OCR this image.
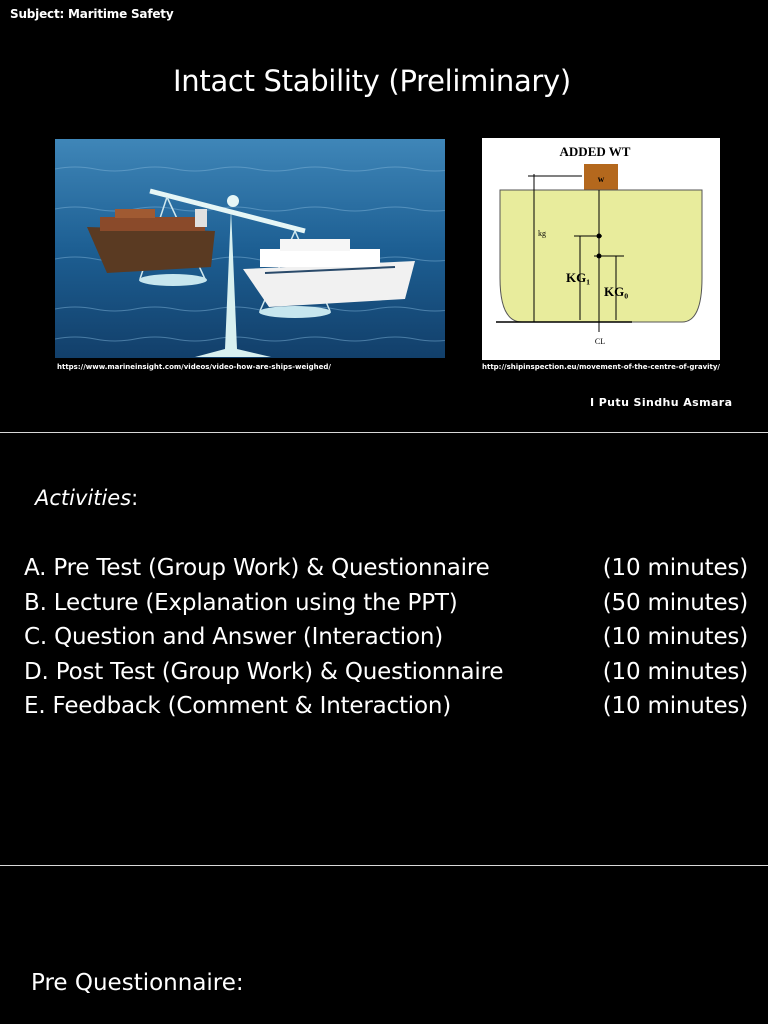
Subject: Maritime Safety
Intact Stability (Preliminary)
ADDED WT
w
kg
KG₁
KG₀
CL
https://www.marineinsight.com/videos/video-how-are-ships-weighed/	http://shipinspection.eu/movement-of-the-centre-of-gravity/
I Putu Sindhu Asmara
Activities:
A. Pre Test (Group Work) & Questionnaire	(10 minutes)
B. Lecture (Explanation using the PPT)	(50 minutes)
C. Question and Answer (Interaction)	(10 minutes)
D. Post Test (Group Work) & Questionnaire	(10 minutes)
E. Feedback (Comment & Interaction)	(10 minutes)
Pre Questionnaire:
